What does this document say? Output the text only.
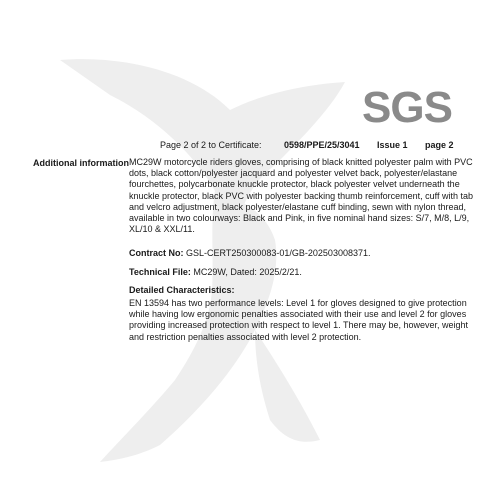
SGS
Page 2 of 2 to Certificate: 0598/PPE/25/3041 Issue 1 page 2
Additional information MC29W motorcycle riders gloves, comprising of black knitted polyester palm with PVC dots, black cotton/polyester jacquard and polyester velvet back, polyester/elastane fourchettes, polycarbonate knuckle protector, black polyester velvet underneath the knuckle protector, black PVC with polyester backing thumb reinforcement, cuff with tab and velcro adjustment, black polyester/elastane cuff binding, sewn with nylon thread, available in two colourways: Black and Pink, in five nominal hand sizes: S/7, M/8, L/9, XL/10 & XXL/11.

Contract No: GSL-CERT250300083-01/GB-202503008371.
Technical File: MC29W, Dated: 2025/2/21.
Detailed Characteristics:

EN 13594 has two performance levels: Level 1 for gloves designed to give protection while having low ergonomic penalties associated with their use and level 2 for gloves providing increased protection with respect to level 1. There may be, however, weight and restriction penalties associated with level 2 protection.
